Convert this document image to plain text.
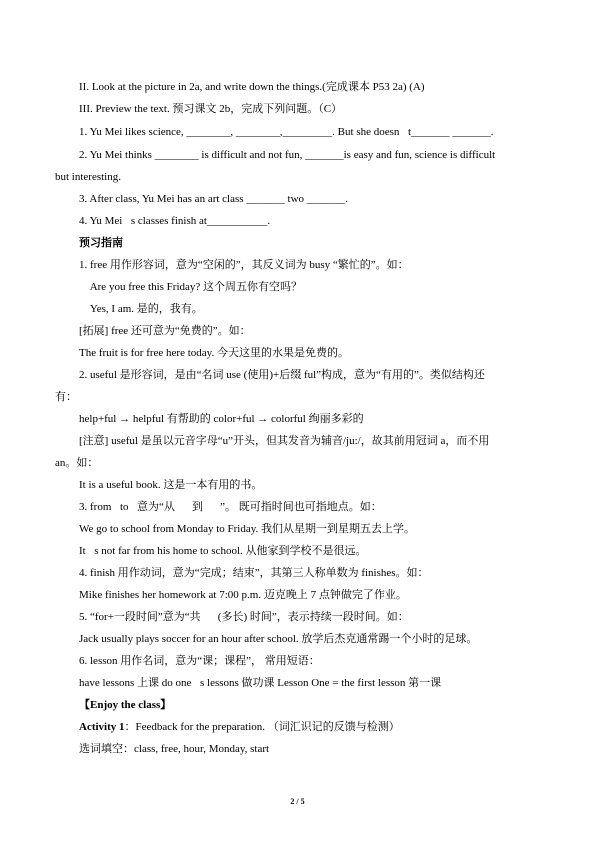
II. Look at the picture in 2a, and write down the things.(完成课本 P53 2a) (A)
III. Preview the text. 预习课文 2b，完成下列问题。（C）
1. Yu Mei likes science, ________, ________,_________. But she doesn t_______ _______.
2. Yu Mei thinks ________ is difficult and not fun, _______is easy and fun, science is difficult
but interesting.
3. After class, Yu Mei has an art class _______ two _______.
4. Yu Mei s classes finish at___________.
预习指南
1. free 用作形容词，意为“空闲的”，其反义词为 busy “繁忙的”。如：
  Are you free this Friday? 这个周五你有空吗？
  Yes, I am. 是的，我有。
[拓展] free 还可意为“免费的”。如：
The fruit is for free here today. 今天这里的水果是免费的。
2. useful 是形容词，是由“名词 use (使用)+后缀 ful”构成，意为“有用的”。类似结构还
有：
help+ful → helpful 有帮助的 color+ful → colorful 绚丽多彩的
[注意] useful 是虽以元音字母“u”开头，但其发音为辅音/ju:/，故其前用冠词 a，而不用
an。如：
It is a useful book. 这是一本有用的书。
3. from to 意为“从  到  ”。 既可指时间也可指地点。如：
We go to school from Monday to Friday. 我们从星期一到星期五去上学。
It s not far from his home to school. 从他家到学校不是很远。
4. finish 用作动词，意为“完成；结束”，其第三人称单数为 finishes。如：
Mike finishes her homework at 7:00 p.m. 迈克晚上 7 点钟做完了作业。
5. “for+一段时间”意为“共  (多长) 时间”，表示持续一段时间。如：
Jack usually plays soccer for an hour after school. 放学后杰克通常踢一个小时的足球。
6. lesson 用作名词，意为“课；课程”， 常用短语：
have lessons 上课 do one s lessons 做功课 Lesson One = the first lesson 第一课
【Enjoy the class】
Activity 1：Feedback for the preparation. （词汇识记的反馈与检测）
选词填空：class, free, hour, Monday, start
2 / 5
